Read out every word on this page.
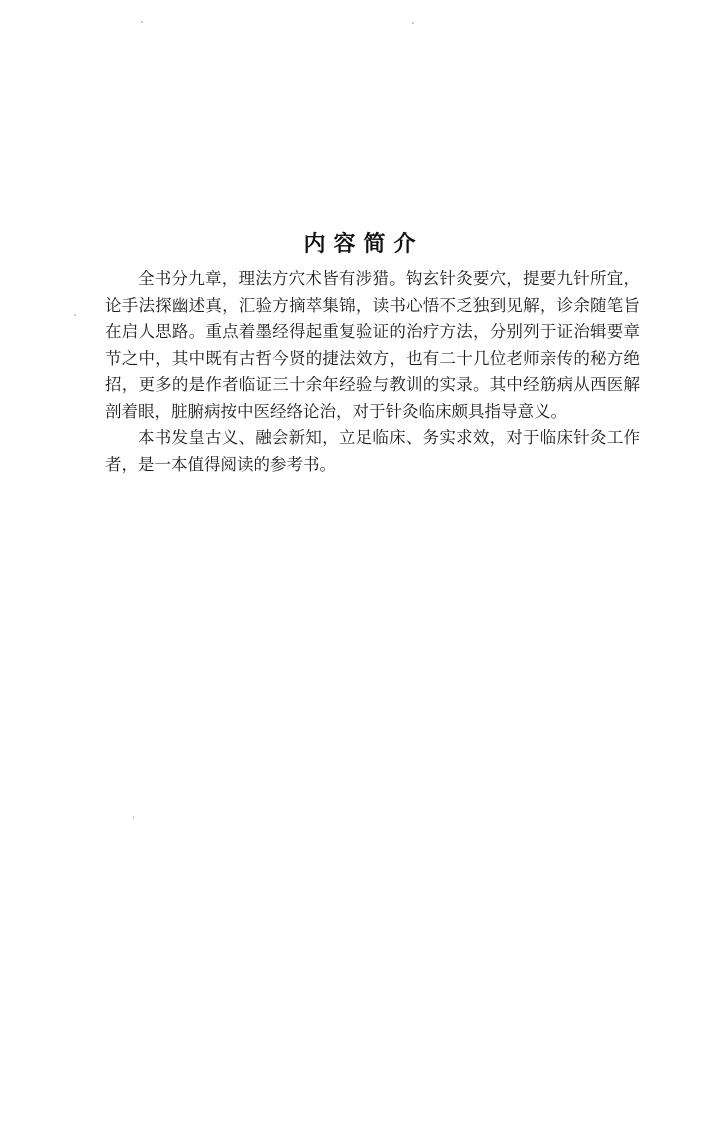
内容简介

全书分九章，理法方穴术皆有涉猎。钩玄针灸要穴，提要九针所宜，论手法探幽述真，汇验方摘萃集锦，读书心悟不乏独到见解，诊余随笔旨在启人思路。重点着墨经得起重复验证的治疗方法，分别列于证治辑要章节之中，其中既有古哲今贤的捷法效方，也有二十几位老师亲传的秘方绝招，更多的是作者临证三十余年经验与教训的实录。其中经筋病从西医解剖着眼，脏腑病按中医经络论治，对于针灸临床颇具指导意义。

本书发皇古义、融会新知，立足临床、务实求效，对于临床针灸工作者，是一本值得阅读的参考书。
